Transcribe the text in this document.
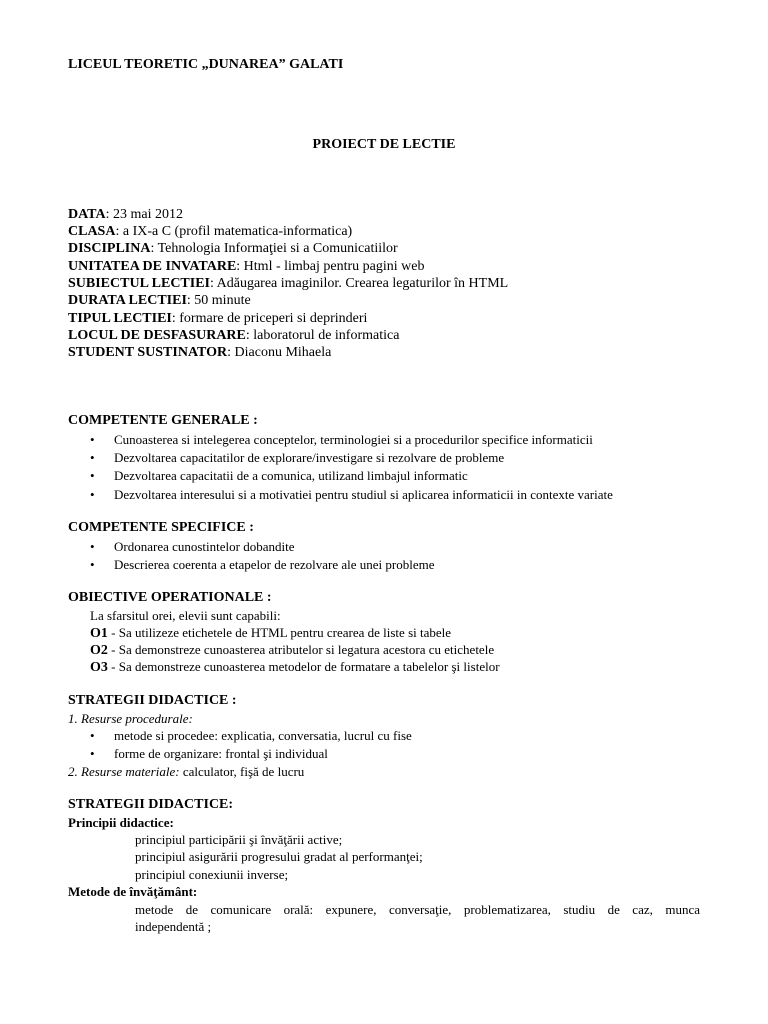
LICEUL TEORETIC „DUNAREA” GALATI
PROIECT DE LECTIE
DATA: 23 mai 2012
CLASA: a IX-a C (profil matematica-informatica)
DISCIPLINA: Tehnologia Informaţiei si a Comunicatiilor
UNITATEA DE INVATARE: Html - limbaj pentru pagini web
SUBIECTUL LECTIEI: Adăugarea imaginilor. Crearea legaturilor în HTML
DURATA LECTIEI: 50 minute
TIPUL LECTIEI: formare de priceperi si deprinderi
LOCUL DE DESFASURARE: laboratorul de informatica
STUDENT SUSTINATOR: Diaconu Mihaela
COMPETENTE GENERALE :
• Cunoasterea si intelegerea conceptelor, terminologiei si a procedurilor specifice informaticii
• Dezvoltarea capacitatilor de explorare/investigare si rezolvare de probleme
• Dezvoltarea capacitatii de a comunica, utilizand limbajul informatic
• Dezvoltarea interesului si a motivatiei pentru studiul si aplicarea informaticii in contexte variate
COMPETENTE SPECIFICE :
• Ordonarea cunostintelor dobandite
• Descrierea coerenta a etapelor de rezolvare ale unei probleme
OBIECTIVE OPERATIONALE :
La sfarsitul orei, elevii sunt capabili:
O1 - Sa utilizeze etichetele de HTML pentru crearea de liste si tabele
O2 - Sa demonstreze cunoasterea atributelor si legatura acestora cu etichetele
O3 - Sa demonstreze cunoasterea metodelor de formatare a tabelelor şi listelor
STRATEGII DIDACTICE :
1. Resurse procedurale:
• metode si procedee: explicatia, conversatia, lucrul cu fise
• forme de organizare: frontal şi individual
2. Resurse materiale: calculator, fişă de lucru
STRATEGII DIDACTICE:
Principii didactice:
principiul participării şi învăţării active;
principiul asigurării progresului gradat al performanţei;
principiul conexiunii inverse;
Metode de învăţământ:
metode de comunicare orală: expunere, conversaţie, problematizarea, studiu de caz, munca
independentă ;
